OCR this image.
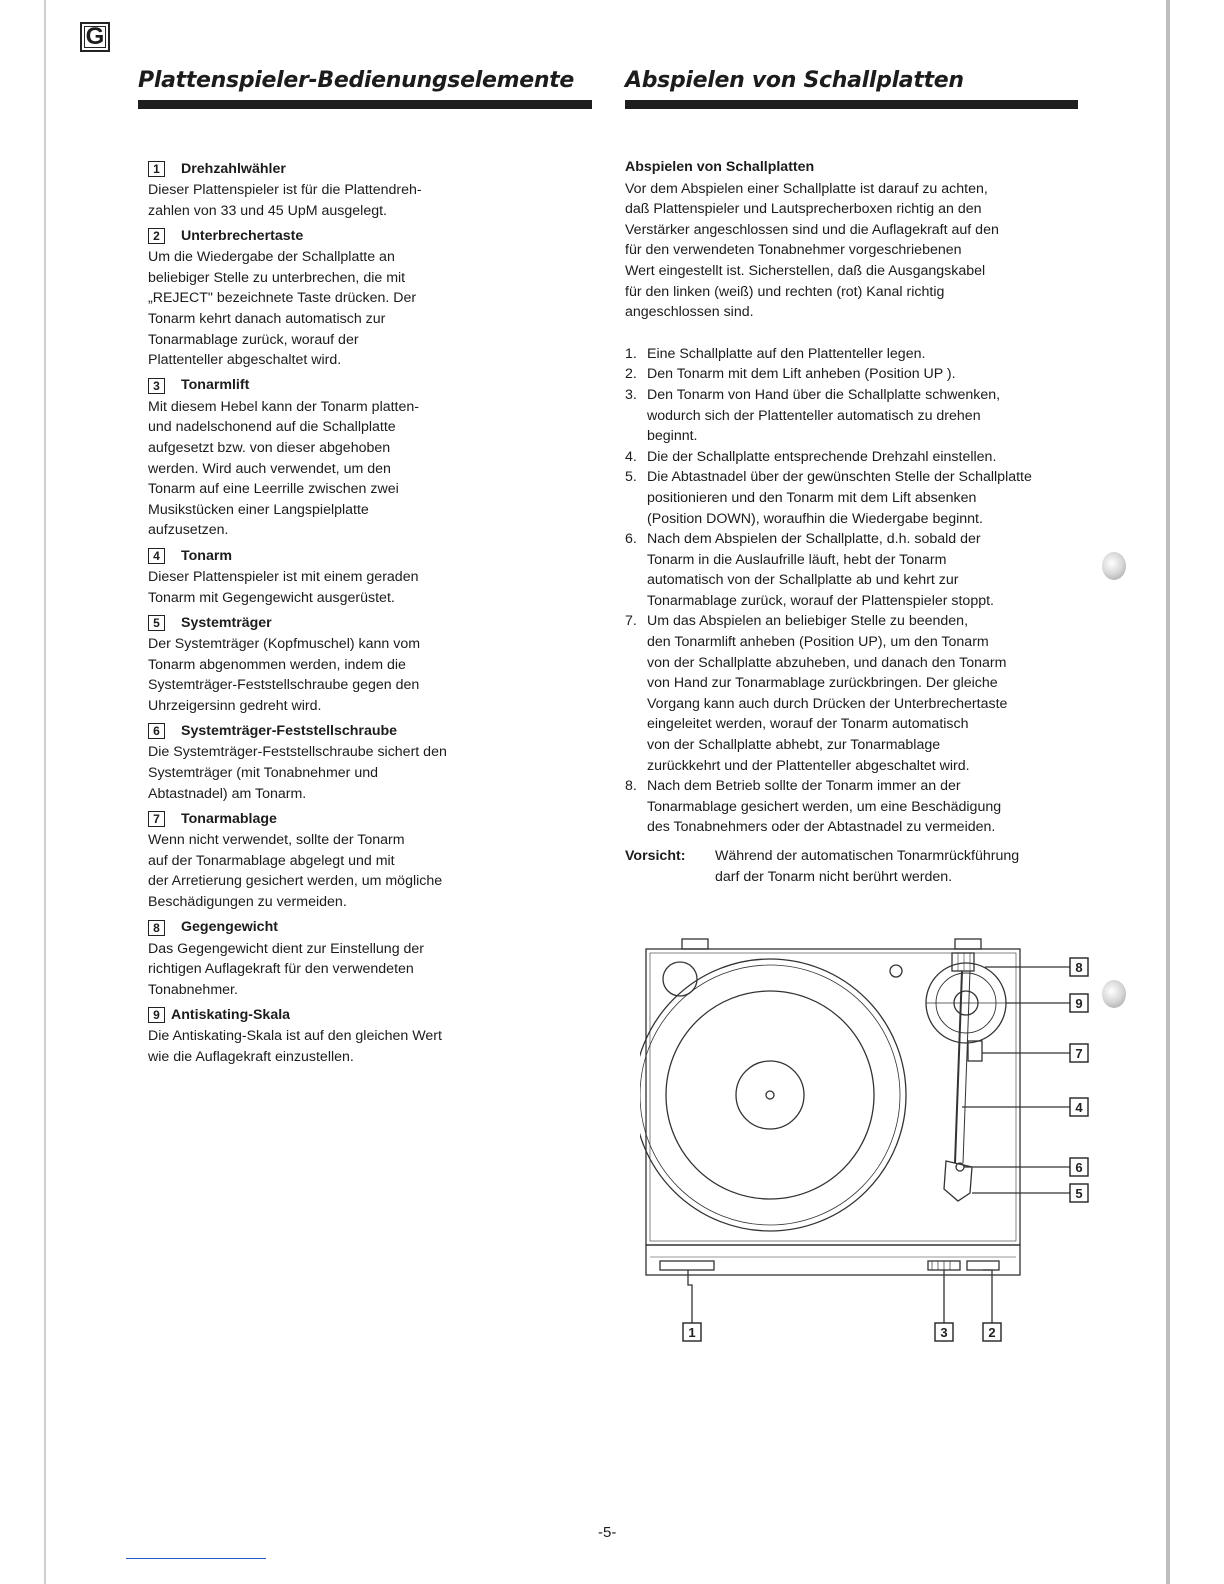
G
Plattenspieler-Bedienungselemente Abspielen von Schallplatten
1	Drehzahlwähler
Dieser Plattenspieler ist für die Plattendreh-
zahlen von 33 und 45 UpM ausgelegt.
2	Unterbrechertaste
Um die Wiedergabe der Schallplatte an
beliebiger Stelle zu unterbrechen, die mit
„REJECT" bezeichnete Taste drücken. Der
Tonarm kehrt danach automatisch zur
Tonarmablage zurück, worauf der
Plattenteller abgeschaltet wird.
3	Tonarmlift
Mit diesem Hebel kann der Tonarm platten-
und nadelschonend auf die Schallplatte
aufgesetzt bzw. von dieser abgehoben
werden. Wird auch verwendet, um den
Tonarm auf eine Leerrille zwischen zwei
Musikstücken einer Langspielplatte
aufzusetzen.
4	Tonarm
Dieser Plattenspieler ist mit einem geraden
Tonarm mit Gegengewicht ausgerüstet.
5	Systemträger
Der Systemträger (Kopfmuschel) kann vom
Tonarm abgenommen werden, indem die
Systemträger-Feststellschraube gegen den
Uhrzeigersinn gedreht wird.
6	Systemträger-Feststellschraube
Die Systemträger-Feststellschraube sichert den
Systemträger (mit Tonabnehmer und
Abtastnadel) am Tonarm.
7	Tonarmablage
Wenn nicht verwendet, sollte der Tonarm
auf der Tonarmablage abgelegt und mit
der Arretierung gesichert werden, um mögliche
Beschädigungen zu vermeiden.
8	Gegengewicht
Das Gegengewicht dient zur Einstellung der
richtigen Auflagekraft für den verwendeten
Tonabnehmer.
9 Antiskating-Skala
Die Antiskating-Skala ist auf den gleichen Wert
wie die Auflagekraft einzustellen.
Abspielen von Schallplatten
Vor dem Abspielen einer Schallplatte ist darauf zu achten,
daß Plattenspieler und Lautsprecherboxen richtig an den
Verstärker angeschlossen sind und die Auflagekraft auf den
für den verwendeten Tonabnehmer vorgeschriebenen
Wert eingestellt ist. Sicherstellen, daß die Ausgangskabel
für den linken (weiß) und rechten (rot) Kanal richtig
angeschlossen sind.
1. Eine Schallplatte auf den Plattenteller legen.
2. Den Tonarm mit dem Lift anheben (Position UP ).
3. Den Tonarm von Hand über die Schallplatte schwenken,
wodurch sich der Plattenteller automatisch zu drehen
beginnt.
4. Die der Schallplatte entsprechende Drehzahl einstellen.
5. Die Abtastnadel über der gewünschten Stelle der Schallplatte
positionieren und den Tonarm mit dem Lift absenken
(Position DOWN), woraufhin die Wiedergabe beginnt.
6. Nach dem Abspielen der Schallplatte, d.h. sobald der
Tonarm in die Auslaufrille läuft, hebt der Tonarm
automatisch von der Schallplatte ab und kehrt zur
Tonarmablage zurück, worauf der Plattenspieler stoppt.
7. Um das Abspielen an beliebiger Stelle zu beenden,
den Tonarmlift anheben (Position UP), um den Tonarm
von der Schallplatte abzuheben, und danach den Tonarm
von Hand zur Tonarmablage zurückbringen. Der gleiche
Vorgang kann auch durch Drücken der Unterbrechertaste
eingeleitet werden, worauf der Tonarm automatisch
von der Schallplatte abhebt, zur Tonarmablage
zurückkehrt und der Plattenteller abgeschaltet wird.
8. Nach dem Betrieb sollte der Tonarm immer an der
Tonarmablage gesichert werden, um eine Beschädigung
des Tonabnehmers oder der Abtastnadel zu vermeiden.
Vorsicht:	Während der automatischen Tonarmrückführung
darf der Tonarm nicht berührt werden.
8
9
7
4
6
5
1	3	2
-5-
